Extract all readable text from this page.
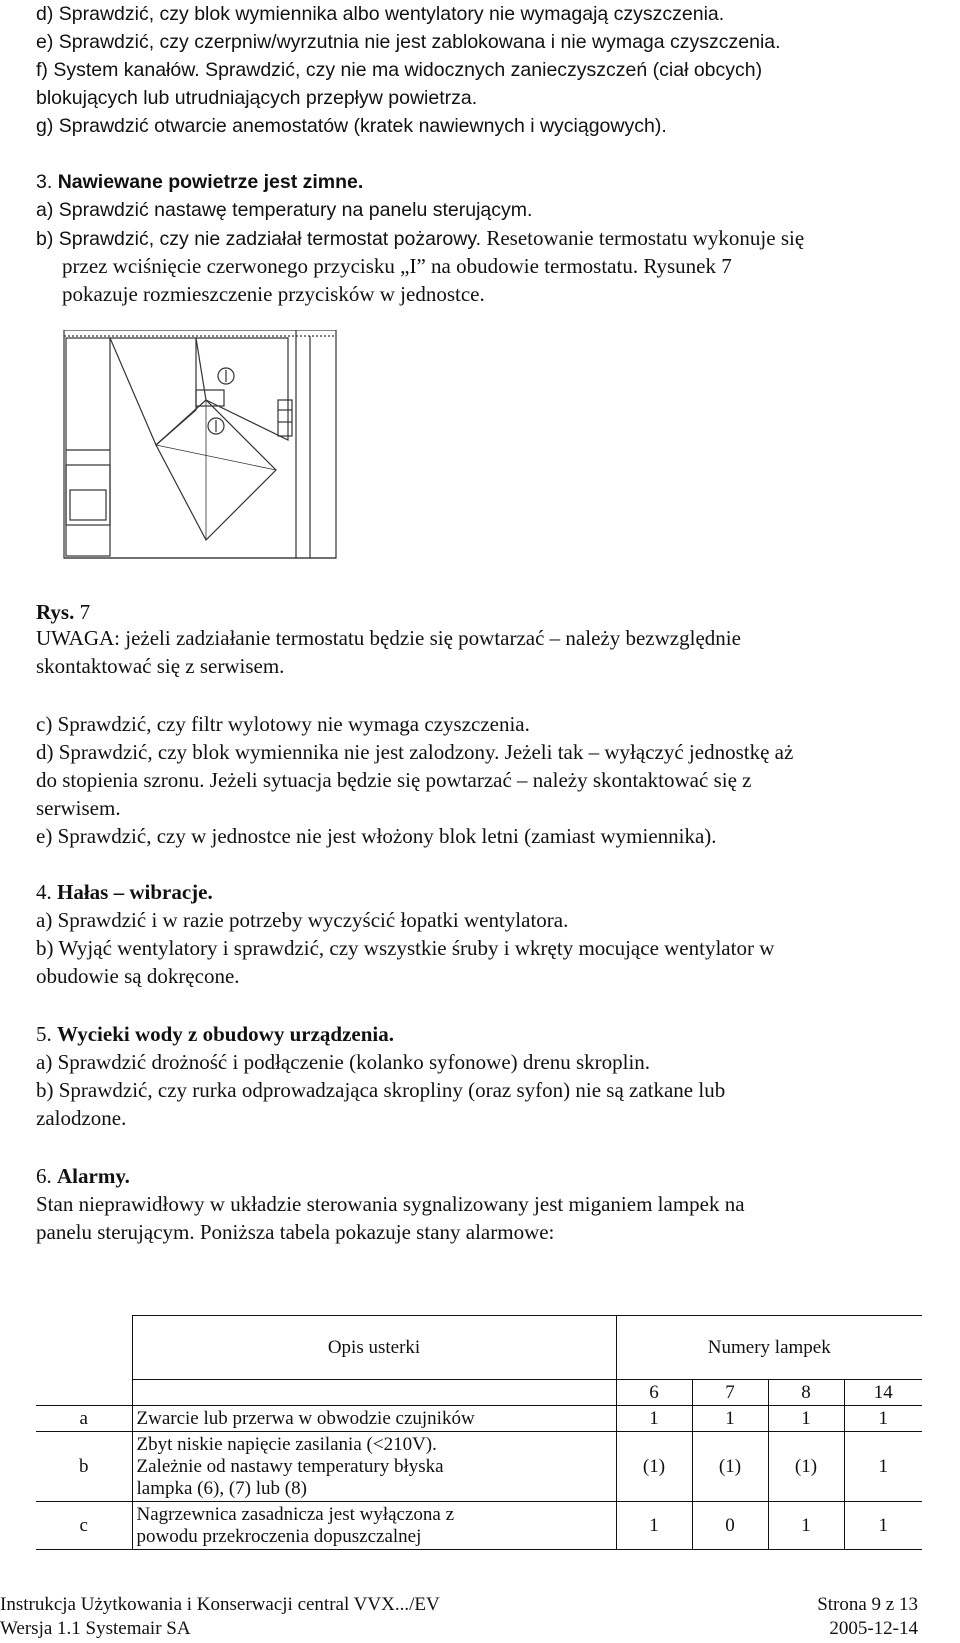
d) Sprawdzić, czy blok wymiennika albo wentylatory nie wymagają czyszczenia.
e) Sprawdzić, czy czerpniw/wyrzutnia nie jest zablokowana i nie wymaga czyszczenia.
f) System kanałów. Sprawdzić, czy nie ma widocznych zanieczyszczeń (ciał obcych)
blokujących lub utrudniających przepływ powietrza.
g) Sprawdzić otwarcie anemostatów (kratek nawiewnych i wyciągowych).
3. Nawiewane powietrze jest zimne.
a) Sprawdzić nastawę temperatury na panelu sterującym.
b) Sprawdzić, czy nie zadziałał termostat pożarowy. Resetowanie termostatu wykonuje się
przez wciśnięcie czerwonego przycisku „I” na obudowie termostatu. Rysunek 7
pokazuje rozmieszczenie przycisków w jednostce.
Rys. 7
UWAGA: jeżeli zadziałanie termostatu będzie się powtarzać – należy bezwzględnie
skontaktować się z serwisem.
c) Sprawdzić, czy filtr wylotowy nie wymaga czyszczenia.
d) Sprawdzić, czy blok wymiennika nie jest zalodzony. Jeżeli tak – wyłączyć jednostkę aż
do stopienia szronu. Jeżeli sytuacja będzie się powtarzać – należy skontaktować się z
serwisem.
e) Sprawdzić, czy w jednostce nie jest włożony blok letni (zamiast wymiennika).
4. Hałas – wibracje.
a) Sprawdzić i w razie potrzeby wyczyścić łopatki wentylatora.
b) Wyjąć wentylatory i sprawdzić, czy wszystkie śruby i wkręty mocujące wentylator w
obudowie są dokręcone.
5. Wycieki wody z obudowy urządzenia.
a) Sprawdzić drożność i podłączenie (kolanko syfonowe) drenu skroplin.
b) Sprawdzić, czy rurka odprowadzająca skropliny (oraz syfon) nie są zatkane lub
zalodzone.
6. Alarmy.
Stan nieprawidłowy w układzie sterowania sygnalizowany jest miganiem lampek na
panelu sterującym. Poniższa tabela pokazuje stany alarmowe:
	Opis usterki	Numery lampek			

		6	7	8	14
a	Zwarcie lub przerwa w obwodzie czujników	1	1	1	1
b	Zbyt niskie napięcie zasilania (<210V).
Zależnie od nastawy temperatury błyska
lampka (6), (7) lub (8)	(1)	(1)	(1)	1
c	Nagrzewnica zasadnicza jest wyłączona z
powodu przekroczenia dopuszczalnej	1	0	1	1
Instrukcja Użytkowania i Konserwacji central VVX.../EV
Wersja 1.1 Systemair SA
Strona 9 z 13
2005-12-14
